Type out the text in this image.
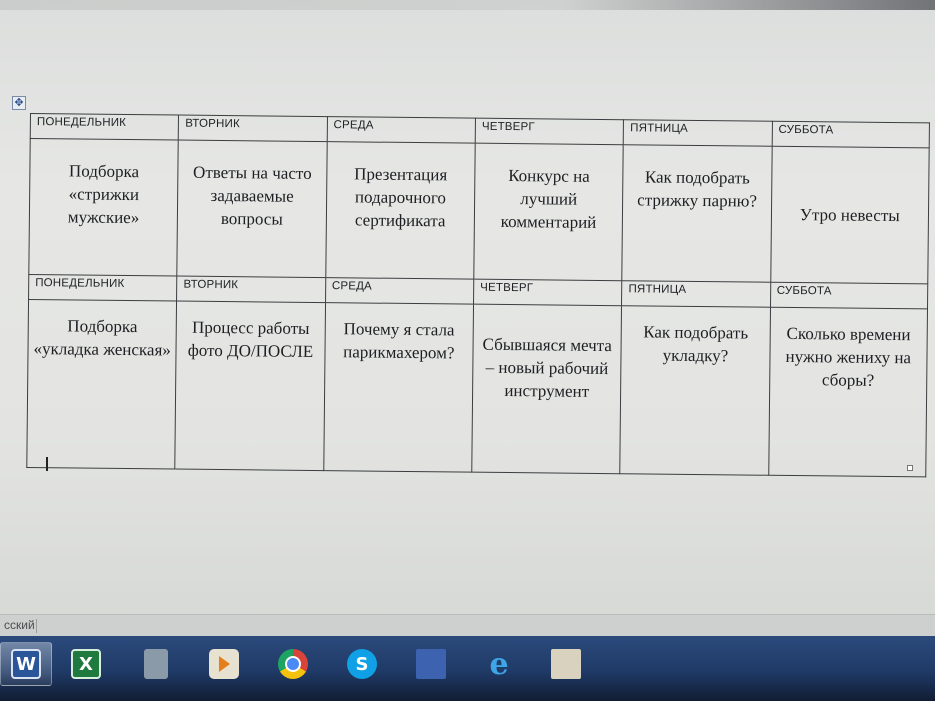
✥
ПОНЕДЕЛЬНИК	ВТОРНИК	СРЕДА	ЧЕТВЕРГ	ПЯТНИЦА	СУББОТА
Подборка «стрижки мужские»	Ответы на часто задаваемые вопросы	Презентация подарочного сертификата	Конкурс на лучший комментарий	Как подобрать стрижку парню?	Утро невесты
ПОНЕДЕЛЬНИК	ВТОРНИК	СРЕДА	ЧЕТВЕРГ	ПЯТНИЦА	СУББОТА
Подборка «укладка женская»	Процесс работы фото ДО/ПОСЛЕ	Почему я стала парикмахером?	Сбывшаяся мечта – новый рабочий инструмент	Как подобрать укладку?	Сколько времени нужно жениху на сборы?
сский
W	X	S	e
